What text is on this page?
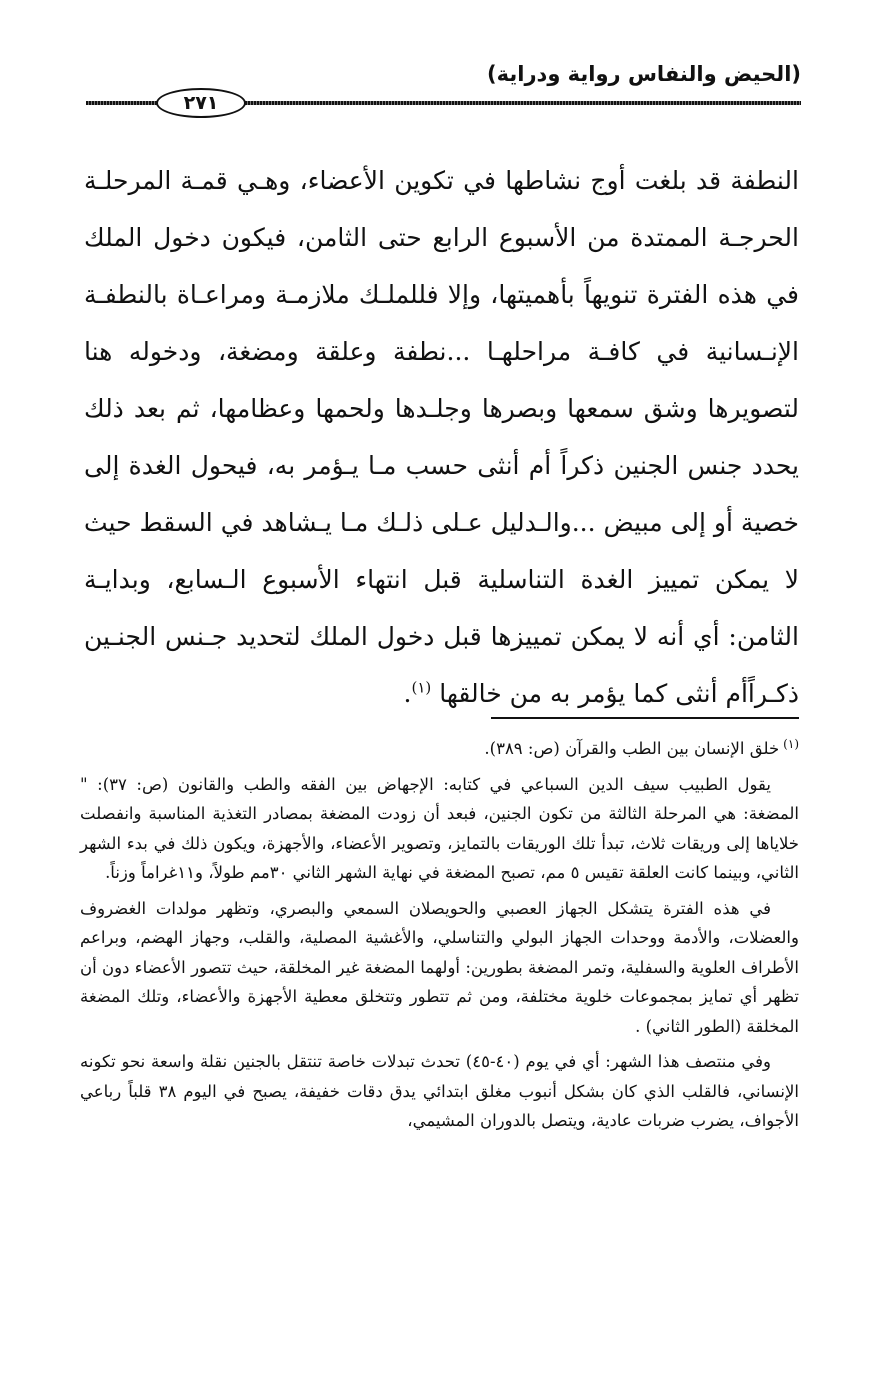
(الحيض والنفاس رواية ودراية)
٢٧١

النطفة قد بلغت أوج نشاطها في تكوين الأعضاء، وهـي قمـة المرحلـة الحرجـة الممتدة من الأسبوع الرابع حتى الثامن، فيكون دخول الملك في هذه الفترة تنويهاً بأهميتها، وإلا فللملـك ملازمـة ومراعـاة بالنطفـة الإنـسانية في كافـة مراحلهـا ...نطفة وعلقة ومضغة، ودخوله هنا لتصويرها وشق سمعها وبصرها وجلـدها ولحمها وعظامها، ثم بعد ذلك يحدد جنس الجنين ذكراً أم أنثى حسب مـا يـؤمر به، فيحول الغدة إلى خصية أو إلى مبيض ...والـدليل عـلى ذلـك مـا يـشاهد في السقط حيث لا يمكن تمييز الغدة التناسلية قبل انتهاء الأسبوع الـسابع، وبدايـة الثامن: أي أنه لا يمكن تمييزها قبل دخول الملك لتحديد جـنس الجنـين ذكـراًأم أنثى كما يؤمر به من خالقها $^{(١)}$.

$^{(١)}$خلق الإنسان بين الطب والقرآن (ص: ٣٨٩).

يقول الطبيب سيف الدين السباعي في كتابه: الإجهاض بين الفقه والطب والقانون (ص: ٣٧): " المضغة: هي المرحلة الثالثة من تكون الجنين، فبعد أن زودت المضغة بمصادر التغذية المناسبة وانفصلت خلاياها إلى وريقات ثلاث، تبدأ تلك الوريقات بالتمايز، وتصوير الأعضاء، والأجهزة، ويكون ذلك في بدء الشهر الثاني، وبينما كانت العلقة تقيس ٥ مم، تصبح المضغة في نهاية الشهر الثاني ٣٠مم طولاً، و١١غراماً وزناً.

في هذه الفترة يتشكل الجهاز العصبي والحويصلان السمعي والبصري، وتظهر مولدات الغضروف والعضلات، والأدمة ووحدات الجهاز البولي والتناسلي، والأغشية المصلية، والقلب، وجهاز الهضم، وبراعم الأطراف العلوية والسفلية، وتمر المضغة بطورين: أولهما المضغة غير المخلقة، حيث تتصور الأعضاء دون أن تظهر أي تمايز بمجموعات خلوية مختلفة، ومن ثم تتطور وتتخلق معطية الأجهزة والأعضاء، وتلك المضغة المخلقة (الطور الثاني) .

وفي منتصف هذا الشهر: أي في يوم (٤٠-٤٥) تحدث تبدلات خاصة تنتقل بالجنين نقلة واسعة نحو تكونه الإنساني، فالقلب الذي كان بشكل أنبوب مغلق ابتدائي يدق دقات خفيفة، يصبح في اليوم ٣٨ قلباً رباعي الأجواف، يضرب ضربات عادية، ويتصل بالدوران المشيمي،
